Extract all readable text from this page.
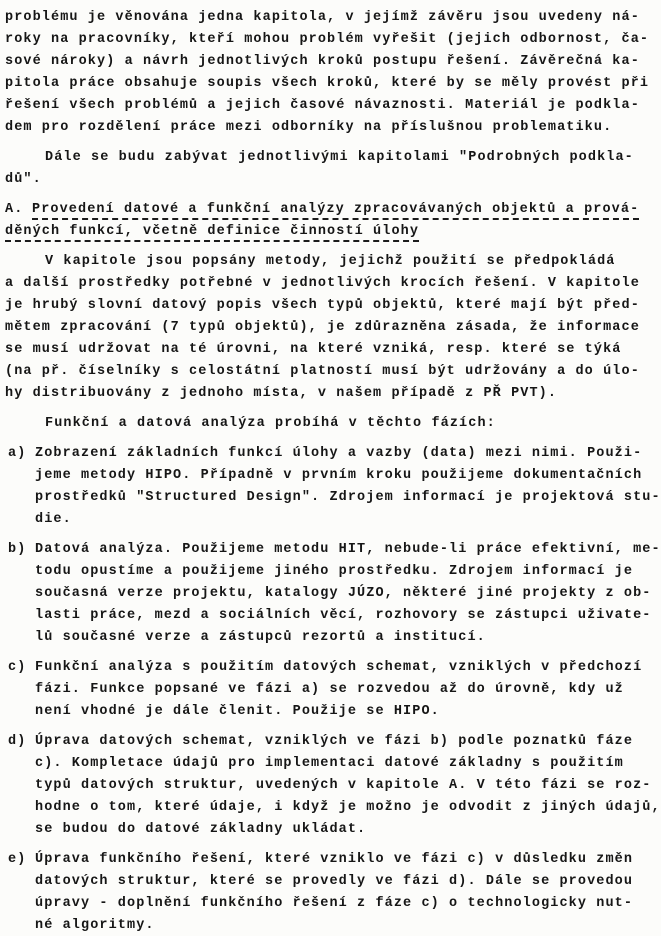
problému je věnována jedna kapitola, v jejímž závěru jsou uvedeny ná-
roky na pracovníky, kteří mohou problém vyřešit (jejich odbornost, ča-
sové nároky) a návrh jednotlivých kroků postupu řešení. Závěrečná ka-
pitola práce obsahuje soupis všech kroků, které by se měly provést při
řešení všech problémů a jejich časové návaznosti. Materiál je podkla-
dem pro rozdělení práce mezi odborníky na příslušnou problematiku.
Dále se budu zabývat jednotlivými kapitolami "Podrobných podkla-
dů".
A. Provedení datové a funkční analýzy zpracovávaných objektů a prová-
děných funkcí, včetně definice činností úlohy
V kapitole jsou popsány metody, jejichž použití se předpokládá
a další prostředky potřebné v jednotlivých krocích řešení. V kapitole
je hrubý slovní datový popis všech typů objektů, které mají být před-
mětem zpracování (7 typů objektů), je zdůrazněna zásada, že informace
se musí udržovat na té úrovni, na které vzniká, resp. které se týká
(na př. číselníky s celostátní platností musí být udržovány a do úlo-
hy distribuovány z jednoho místa, v našem případě z PŘ PVT).
Funkční a datová analýza probíhá v těchto fázích:
a) Zobrazení základních funkcí úlohy a vazby (data) mezi nimi. Použi-
jeme metody HIPO. Případně v prvním kroku použijeme dokumentačních
prostředků "Structured Design". Zdrojem informací je projektová stu-
die.
b) Datová analýza. Použijeme metodu HIT, nebude-li práce efektivní, me-
todu opustíme a použijeme jiného prostředku. Zdrojem informací je
současná verze projektu, katalogy JÚZO, některé jiné projekty z ob-
lasti práce, mezd a sociálních věcí, rozhovory se zástupci uživate-
lů současné verze a zástupců rezortů a institucí.
c) Funkční analýza s použitím datových schemat, vzniklých v předchozí
fázi. Funkce popsané ve fázi a) se rozvedou až do úrovně, kdy už
není vhodné je dále členit. Použije se HIPO.
d) Úprava datových schemat, vzniklých ve fázi b) podle poznatků fáze
c). Kompletace údajů pro implementaci datové základny s použitím
typů datových struktur, uvedených v kapitole A. V této fázi se roz-
hodne o tom, které údaje, i když je možno je odvodit z jiných údajů,
se budou do datové základny ukládat.
e) Úprava funkčního řešení, které vzniklo ve fázi c) v důsledku změn
datových struktur, které se provedly ve fázi d). Dále se provedou
úpravy - doplnění funkčního řešení z fáze c) o technologicky nut-
né algoritmy.
